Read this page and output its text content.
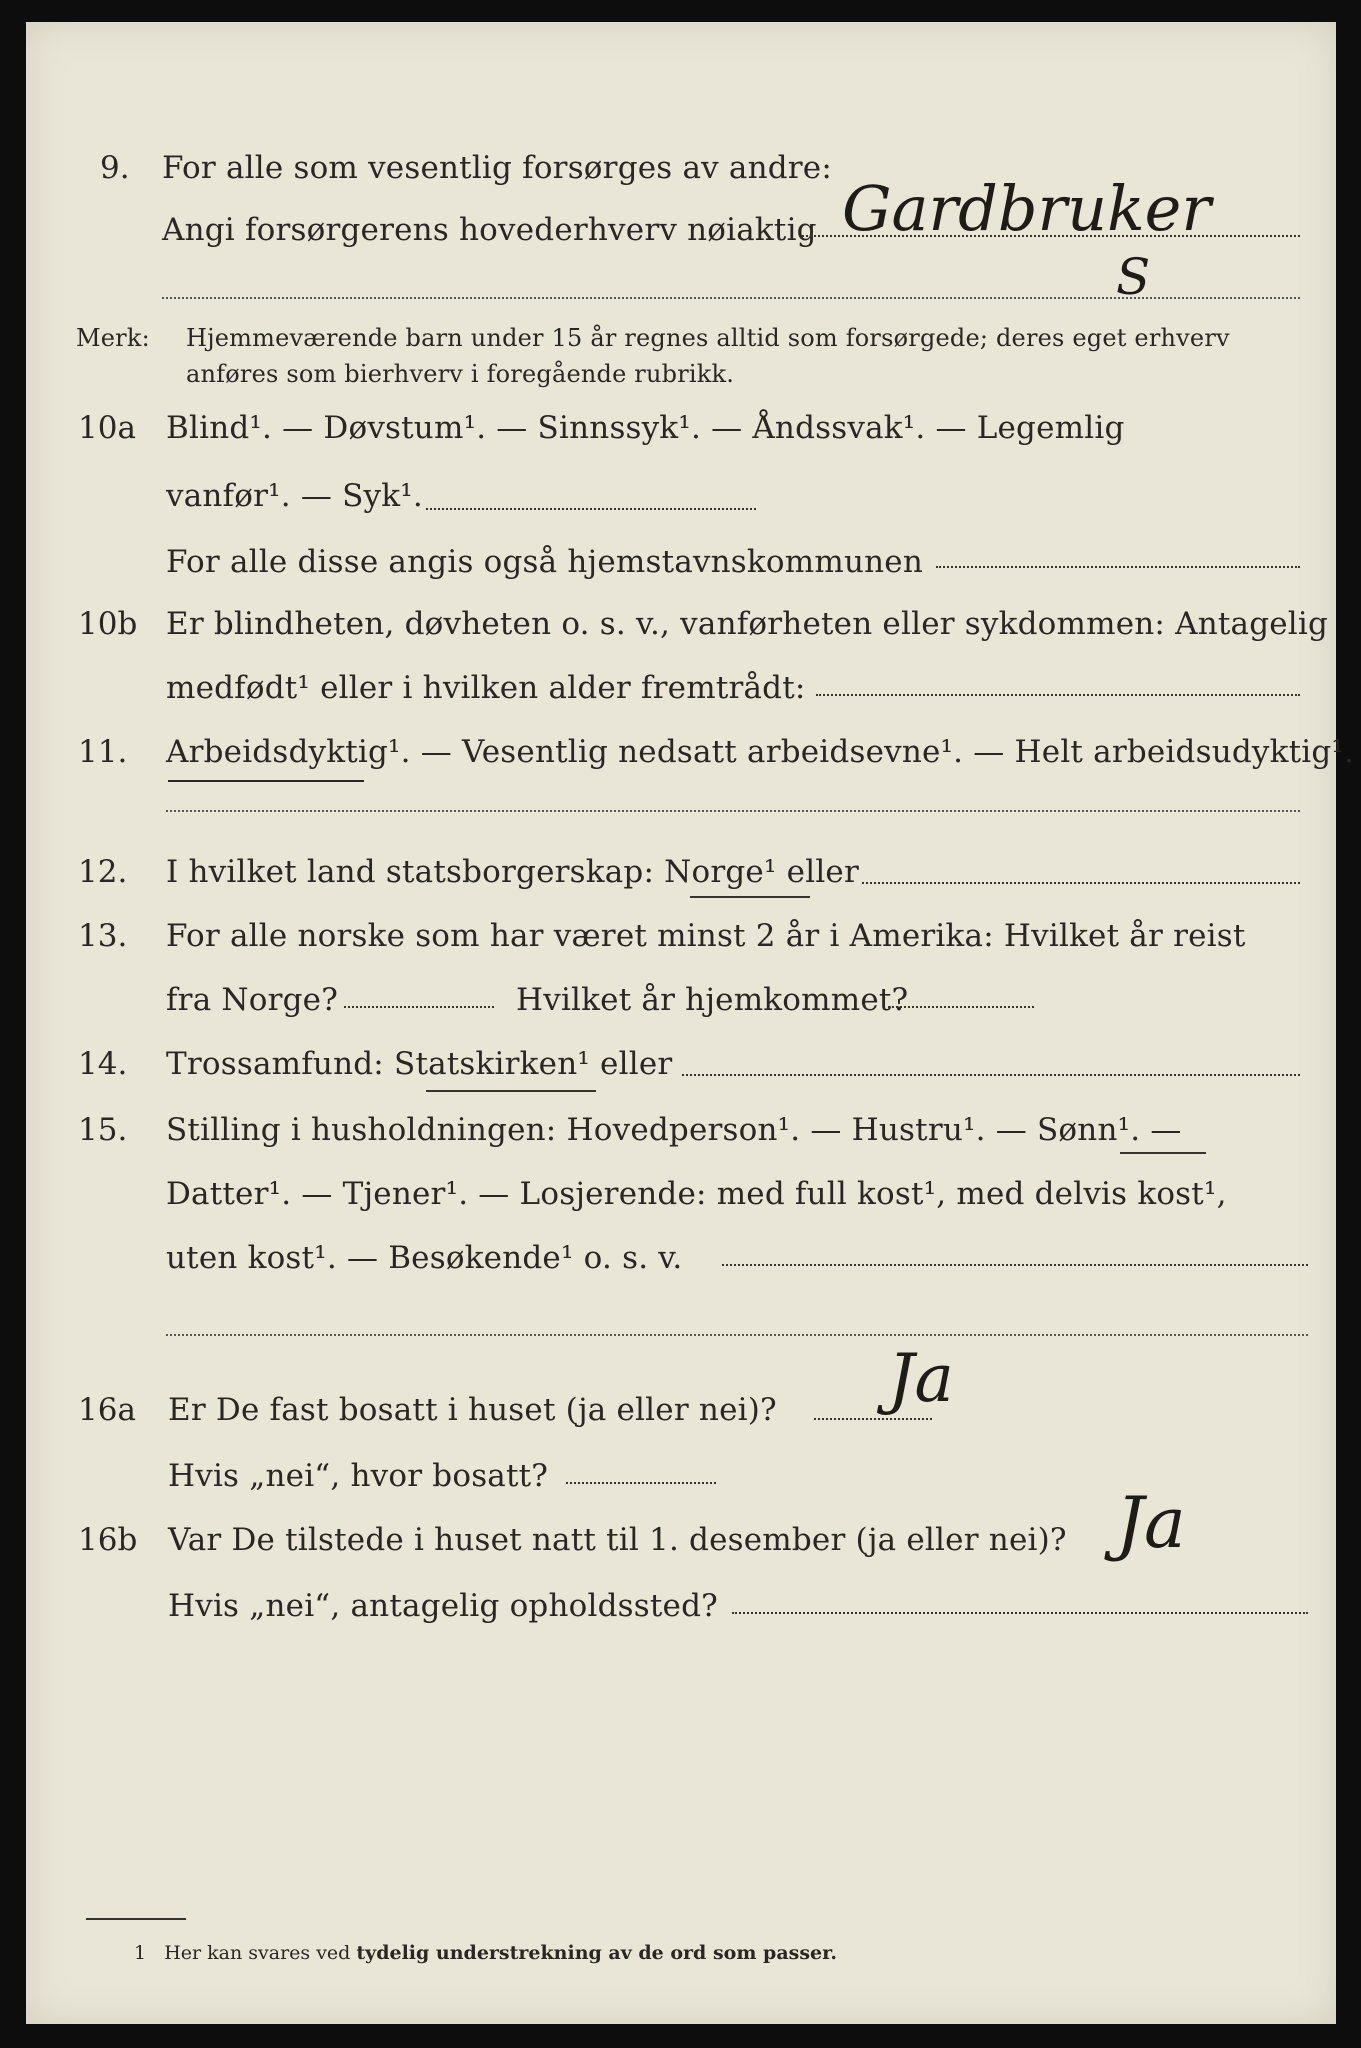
9. For alle som vesentlig forsørges av andre:
Angi forsørgerens hovederhverv nøiaktig Gardbruker
S
Merk: Hjemmeværende barn under 15 år regnes alltid som forsørgede; deres eget erhverv
anføres som bierhverv i foregående rubrikk.
10a Blind¹. — Døvstum¹. — Sinnssyk¹. — Åndssvak¹. — Legemlig
vanfør¹. — Syk¹.
For alle disse angis også hjemstavnskommunen
10b Er blindheten, døvheten o. s. v., vanførheten eller sykdommen: Antagelig
medfødt¹ eller i hvilken alder fremtrådt:
11. Arbeidsdyktig¹. — Vesentlig nedsatt arbeidsevne¹. — Helt arbeidsudyktig¹.
12. I hvilket land statsborgerskap: Norge¹ eller
13. For alle norske som har været minst 2 år i Amerika: Hvilket år reist
fra Norge?	Hvilket år hjemkommet?
14. Trossamfund: Statskirken¹ eller
15. Stilling i husholdningen: Hovedperson¹. — Hustru¹. — Sønn¹. —
Datter¹. — Tjener¹. — Losjerende: med full kost¹, med delvis kost¹,
uten kost¹. — Besøkende¹ o. s. v.
16a Er De fast bosatt i huset (ja eller nei)? Ja
Hvis „nei“, hvor bosatt?
16b Var De tilstede i huset natt til 1. desember (ja eller nei)? Ja
Hvis „nei“, antagelig opholdssted?
1 Her kan svares ved tydelig understrekning av de ord som passer.
